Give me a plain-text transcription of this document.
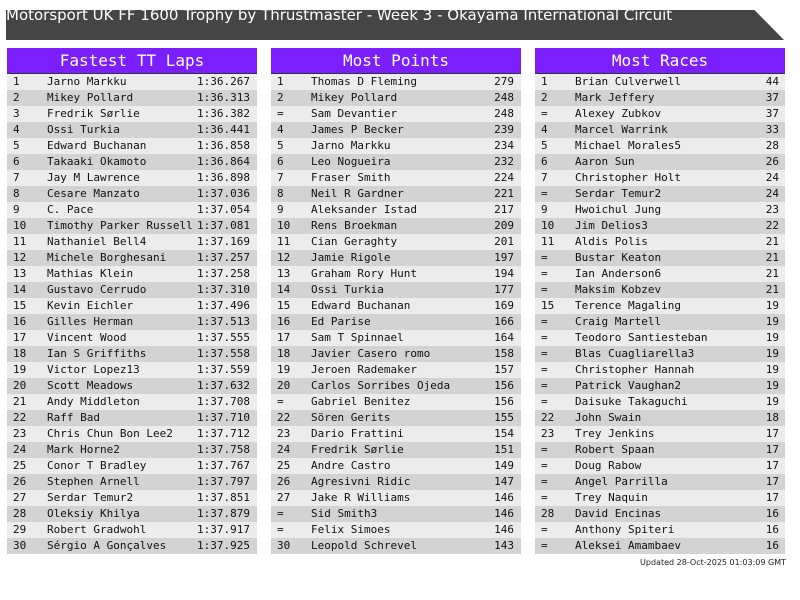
Motorsport UK FF 1600 Trophy by Thrustmaster - Week 3 - Okayama International Circuit
Fastest TT Laps
1 Jarno Markku	1:36.267
2 Mikey Pollard	1:36.313
3 Fredrik Sørlie	1:36.382
4 Ossi Turkia	1:36.441
5 Edward Buchanan	1:36.858
6 Takaaki Okamoto	1:36.864
7 Jay M Lawrence	1:36.898
8 Cesare Manzato	1:37.036
9 C. Pace	1:37.054
10 Timothy Parker Russell 1:37.081
11 Nathaniel Bell4	1:37.169
12 Michele Borghesani	1:37.257
13 Mathias Klein	1:37.258
14 Gustavo Cerrudo	1:37.310
15 Kevin Eichler	1:37.496
16 Gilles Herman	1:37.513
17 Vincent Wood	1:37.555
18 Ian S Griffiths	1:37.558
19 Victor Lopez13	1:37.559
20 Scott Meadows	1:37.632
21 Andy Middleton	1:37.708
22 Raff Bad	1:37.710
23 Chris Chun Bon Lee2 1:37.712
24 Mark Horne2	1:37.758
25 Conor T Bradley	1:37.767
26 Stephen Arnell	1:37.797
27 Serdar Temur2	1:37.851
28 Oleksiy Khilya	1:37.879
29 Robert Gradwohl	1:37.917
30 Sérgio A Gonçalves	1:37.925
Most Points
1 Thomas D Fleming	279
2 Mikey Pollard	248
= Sam Devantier	248
4 James P Becker	239
5 Jarno Markku	234
6 Leo Nogueira	232
7 Fraser Smith	224
8 Neil R Gardner	221
9 Aleksander Istad	217
10 Rens Broekman	209
11 Cian Geraghty	201
12 Jamie Rigole	197
13 Graham Rory Hunt	194
14 Ossi Turkia	177
15 Edward Buchanan	169
16 Ed Parise	166
17 Sam T Spinnael	164
18 Javier Casero romo	158
19 Jeroen Rademaker	157
20 Carlos Sorribes Ojeda	156
= Gabriel Benitez	156
22 Sören Gerits	155
23 Dario Frattini	154
24 Fredrik Sørlie	151
25 Andre Castro	149
26 Agresivni Ridic	147
27 Jake R Williams	146
= Sid Smith3	146
= Felix Simoes	146
30 Leopold Schrevel	143
Most Races
1 Brian Culverwell	44
2 Mark Jeffery	37
= Alexey Zubkov	37
4 Marcel Warrink	33
5 Michael Morales5	28
6 Aaron Sun	26
7 Christopher Holt	24
= Serdar Temur2	24
9 Hwoichul Jung	23
10 Jim Delios3	22
11 Aldis Polis	21
= Bustar Keaton	21
= Ian Anderson6	21
= Maksim Kobzev	21
15 Terence Magaling	19
= Craig Martell	19
= Teodoro Santiesteban	19
= Blas Cuagliarella3	19
= Christopher Hannah	19
= Patrick Vaughan2	19
= Daisuke Takaguchi	19
22 John Swain	18
23 Trey Jenkins	17
= Robert Spaan	17
= Doug Rabow	17
= Angel Parrilla	17
= Trey Naquin	17
28 David Encinas	16
= Anthony Spiteri	16
= Aleksei Amambaev	16
Updated 28-Oct-2025 01:03:09 GMT
